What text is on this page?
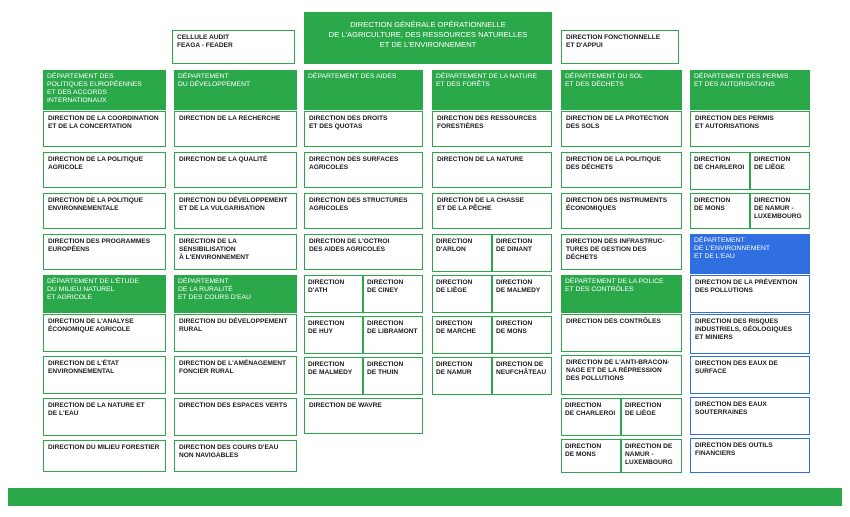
DIRECTION GÉNÉRALE OPÉRATIONNELLE
DE L'AGRICULTURE, DES RESSOURCES NATURELLES
ET DE L'ENVIRONNEMENT
CELLULE AUDIT
FEAGA - FEADER
DIRECTION FONCTIONNELLE
ET D'APPUI
DÉPARTEMENT DES
POLITIQUES EUROPÉENNES
ET DES ACCORDS
INTERNATIONAUX
DIRECTION DE LA COORDINATION
ET DE LA CONCERTATION
DIRECTION DE LA POLITIQUE
AGRICOLE
DIRECTION DE LA POLITIQUE
ENVIRONNEMENTALE
DIRECTION DES PROGRAMMES
EUROPÉENS
DÉPARTEMENT DE L'ÉTUDE
DU MILIEU NATUREL
ET AGRICOLE
DIRECTION DE L'ANALYSE
ÉCONOMIQUE AGRICOLE
DIRECTION DE L'ÉTAT
ENVIRONNEMENTAL
DIRECTION DE LA NATURE ET
DE L'EAU
DIRECTION DU MILIEU FORESTIER
DÉPARTEMENT
DU DÉVELOPPEMENT
DIRECTION DE LA RECHERCHE
DIRECTION DE LA QUALITÉ
DIRECTION DU DÉVELOPPEMENT
ET DE LA VULGARISATION
DIRECTION DE LA SENSIBILISATION
À L'ENVIRONNEMENT
DÉPARTEMENT
DE LA RURALITÉ
ET DES COURS D'EAU
DIRECTION DU DÉVELOPPEMENT
RURAL
DIRECTION DE L'AMÉNAGEMENT
FONCIER RURAL
DIRECTION DES ESPACES VERTS
DIRECTION DES COURS D'EAU
NON NAVIGABLES
DÉPARTEMENT DES AIDES
DIRECTION DES DROITS
ET DES QUOTAS
DIRECTION DES SURFACES
AGRICOLES
DIRECTION DES STRUCTURES
AGRICOLES
DIRECTION DE L'OCTROI
DES AIDES AGRICOLES
DIRECTION
D'ATH
DIRECTION
DE CINEY
DIRECTION
DE HUY
DIRECTION
DE LIBRAMONT
DIRECTION
DE MALMEDY
DIRECTION
DE THUIN
DIRECTION DE WAVRE
DÉPARTEMENT DE LA NATURE
ET DES FORÊTS
DIRECTION DES RESSOURCES
FORESTIÈRES
DIRECTION DE LA NATURE
DIRECTION DE LA CHASSE
ET DE LA PÊCHE
DIRECTION
D'ARLON
DIRECTION
DE DINANT
DIRECTION
DE LIÈGE
DIRECTION
DE MALMEDY
DIRECTION
DE MARCHE
DIRECTION
DE MONS
DIRECTION
DE NAMUR
DIRECTION DE
NEUFCHÂTEAU
DÉPARTEMENT DU SOL
ET DES DÉCHETS
DIRECTION DE LA PROTECTION
DES SOLS
DIRECTION DE LA POLITIQUE
DES DÉCHETS
DIRECTION DES INSTRUMENTS
ÉCONOMIQUES
DIRECTION DES INFRASTRUC-
TURES DE GESTION DES DÉCHETS
DÉPARTEMENT DE LA POLICE
ET DES CONTRÔLES
DIRECTION DES CONTRÔLES
DIRECTION DE L'ANTI-BRACON-
NAGE ET DE LA RÉPRESSION
DES POLLUTIONS
DIRECTION
DE CHARLEROI
DIRECTION
DE LIÈGE
DIRECTION
DE MONS
DIRECTION DE
NAMUR -
LUXEMBOURG
DÉPARTEMENT DES PERMIS
ET DES AUTORISATIONS
DIRECTION DES PERMIS
ET AUTORISATIONS
DIRECTION
DE CHARLEROI
DIRECTION
DE LIÈGE
DIRECTION
DE MONS
DIRECTION
DE NAMUR -
LUXEMBOURG
DÉPARTEMENT
DE L'ENVIRONNEMENT
ET DE L'EAU
DIRECTION DE LA PRÉVENTION
DES POLLUTIONS
DIRECTION DES RISQUES
INDUSTRIELS, GÉOLOGIQUES
ET MINIERS
DIRECTION DES EAUX DE SURFACE
DIRECTION DES EAUX
SOUTERRAINES
DIRECTION DES OUTILS
FINANCIERS
